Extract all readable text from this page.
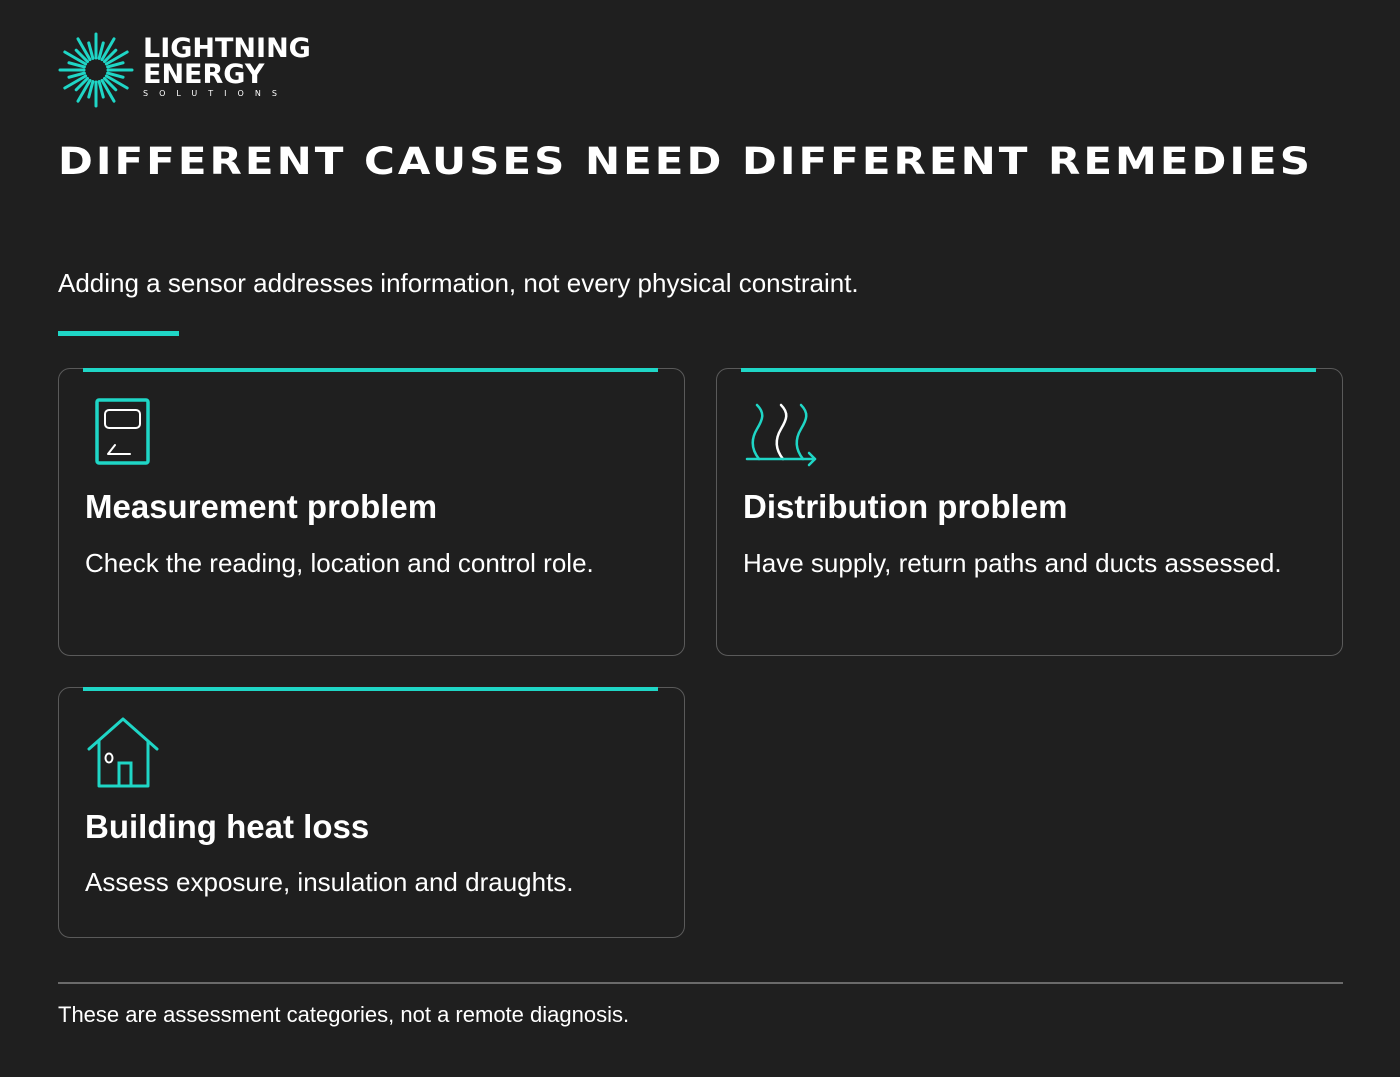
LIGHTNING
ENERGY
SOLUTIONS
DIFFERENT CAUSES NEED DIFFERENT REMEDIES

Adding a sensor addresses information, not every physical constraint.

Measurement problem

Check the reading, location and control role.

Distribution problem

Have supply, return paths and ducts assessed.

Building heat loss

Assess exposure, insulation and draughts.

These are assessment categories, not a remote diagnosis.
